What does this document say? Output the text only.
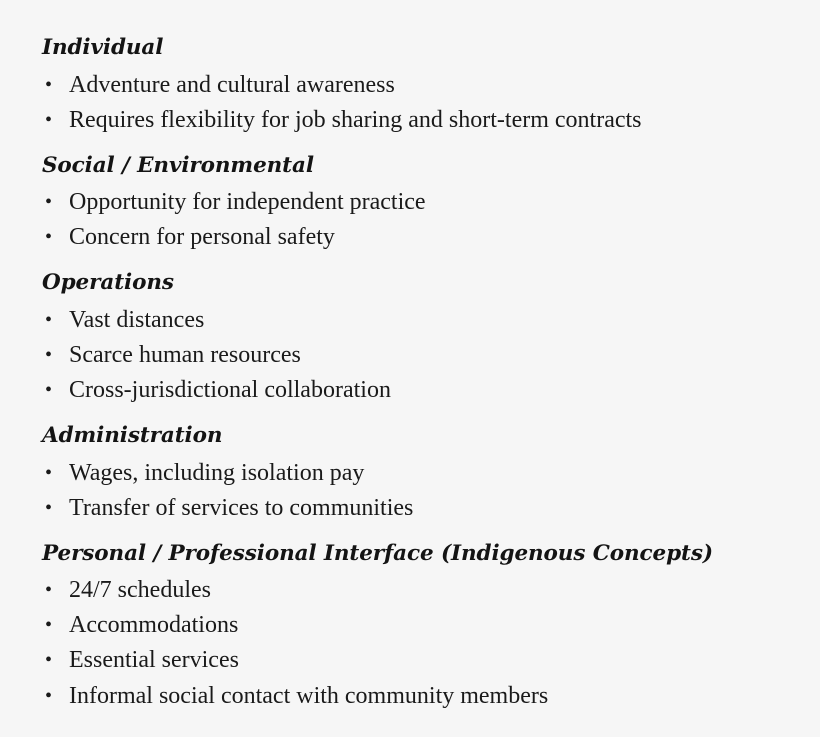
Individual
• Adventure and cultural awareness
• Requires flexibility for job sharing and short-term contracts
Social / Environmental
• Opportunity for independent practice
• Concern for personal safety
Operations
• Vast distances
• Scarce human resources
• Cross-jurisdictional collaboration
Administration
• Wages, including isolation pay
• Transfer of services to communities
Personal / Professional Interface (Indigenous Concepts)
• 24/7 schedules
• Accommodations
• Essential services
• Informal social contact with community members
